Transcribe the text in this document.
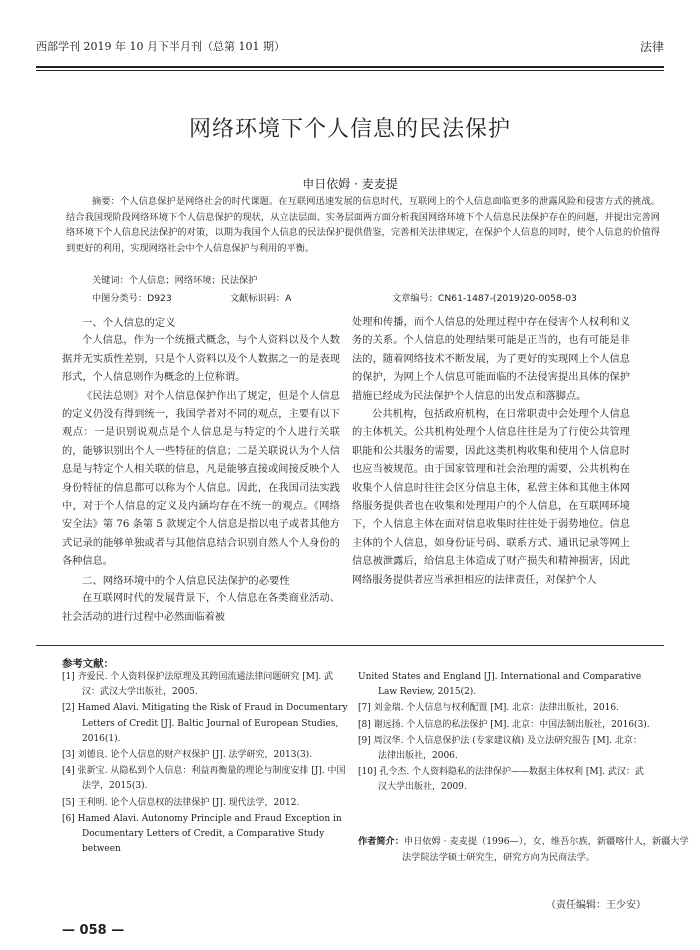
西部学刊 2019 年 10 月下半月刊（总第 101 期）	法律
网络环境下个人信息的民法保护
申日依姆 · 麦麦提
摘要：个人信息保护是网络社会的时代课题。在互联网迅速发展的信息时代，互联网上的个人信息面临更多的泄露风险和侵害方式的挑战。结合我国现阶段网络环境下个人信息保护的现状，从立法层面、实务层面两方面分析我国网络环境下个人信息民法保护存在的问题，并提出完善网络环境下个人信息民法保护的对策，以期为我国个人信息的民法保护提供借鉴，完善相关法律规定，在保护个人信息的同时，使个人信息的价值得到更好的利用，实现网络社会中个人信息保护与利用的平衡。
关键词：个人信息；网络环境；民法保护
中图分类号：D923	文献标识码：A	文章编号：CN61-1487-(2019)20-0058-03
一、个人信息的定义

个人信息，作为一个统摄式概念，与个人资料以及个人数据并无实质性差别，只是个人资料以及个人数据之一的是表现形式，个人信息则作为概念的上位称谓。

《民法总则》对个人信息保护作出了规定，但是个人信息的定义仍没有得到统一，我国学者对不同的观点，主要有以下观点：一是识别说观点是个人信息是与特定的个人进行关联的，能够识别出个人一些特征的信息；二是关联说认为个人信息是与特定个人相关联的信息，凡是能够直接或间接反映个人身份特征的信息都可以称为个人信息。因此，在我国司法实践中，对于个人信息的定义及内涵均存在不统一的观点。《网络安全法》第 76 条第 5 款规定个人信息是指以电子或者其他方式记录的能够单独或者与其他信息结合识别自然人个人身份的各种信息。

二、网络环境中的个人信息民法保护的必要性

在互联网时代的发展背景下，个人信息在各类商业活动、社会活动的进行过程中必然面临着被

处理和传播，而个人信息的处理过程中存在侵害个人权利和义务的关系。个人信息的处理结果可能是正当的，也有可能是非法的，随着网络技术不断发展，为了更好的实现网上个人信息的保护，为网上个人信息可能面临的不法侵害提出具体的保护措施已经成为民法保护个人信息的出发点和落脚点。

公共机构，包括政府机构，在日常职责中会处理个人信息的主体机关。公共机构处理个人信息往往是为了行使公共管理职能和公共服务的需要，因此这类机构收集和使用个人信息时也应当被规范。由于国家管理和社会治理的需要，公共机构在收集个人信息时往往会区分信息主体，私营主体和其他主体网络服务提供者也在收集和处理用户的个人信息，在互联网环境下，个人信息主体在面对信息收集时往往处于弱势地位。信息主体的个人信息，如身份证号码、联系方式、通讯记录等网上信息被泄露后，给信息主体造成了财产损失和精神损害，因此网络服务提供者应当承担相应的法律责任，对保护个人

参考文献：
[1] 齐爱民. 个人资料保护法原理及其跨国流通法律问题研究 [M]. 武汉：武汉大学出版社，2005.
[2] Hamed Alavi. Mitigating the Risk of Fraud in Documentary Letters of Credit [J]. Baltic Journal of European Studies, 2016(1).
[3] 刘德良. 论个人信息的财产权保护 [J]. 法学研究，2013(3).
[4] 张新宝. 从隐私到个人信息：利益再衡量的理论与制度安排 [J]. 中国法学，2015(3).
[5] 王利明. 论个人信息权的法律保护 [J]. 现代法学，2012.
[6] Hamed Alavi. Autonomy Principle and Fraud Exception in Documentary Letters of Credit, a Comparative Study between
United States and England [J]. International and Comparative Law Review, 2015(2).
[7] 刘金瑞. 个人信息与权利配置 [M]. 北京：法律出版社，2016.
[8] 谢远扬. 个人信息的私法保护 [M]. 北京：中国法制出版社，2016(3).
[9] 周汉华. 个人信息保护法 (专家建议稿) 及立法研究报告 [M]. 北京：法律出版社，2006.
[10] 孔令杰. 个人资料隐私的法律保护——数据主体权利 [M]. 武汉：武汉大学出版社，2009.
作者简介：申日依姆 · 麦麦提（1996—），女，维吾尔族，新疆喀什人，新疆大学法学院法学硕士研究生，研究方向为民商法学。
（责任编辑：王少安）
— 058 —
